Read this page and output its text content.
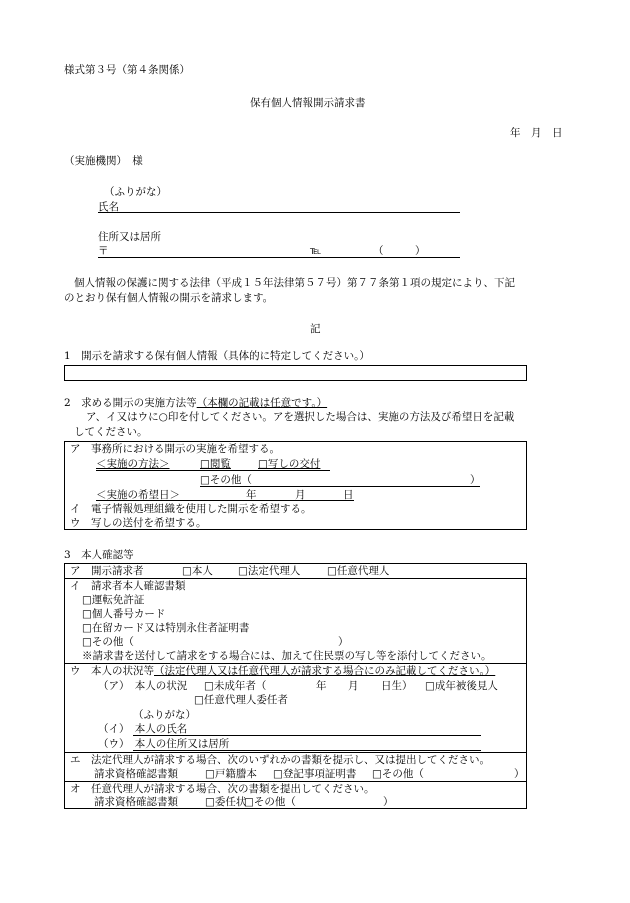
様式第３号（第４条関係）
保有個人情報開示請求書
年　月　日
（実施機関）　様
（ふりがな）
氏名
住所又は居所
〒	℡	（　　　）
個人情報の保護に関する法律（平成１５年法律第５７号）第７７条第１項の規定により、下記
のとおり保有個人情報の開示を請求します。
記
1　開示を請求する保有個人情報（具体的に特定してください。）
2　求める開示の実施方法等（本欄の記載は任意です。）
ア、イ又はウに○印を付してください。アを選択した場合は、実施の方法及び希望日を記載
してください。
ア　事務所における開示の実施を希望する。
＜実施の方法＞	□閲覧	□写しの交付
□その他（	）
＜実施の希望日＞	年	月	日
イ　電子情報処理組織を使用した開示を希望する。
ウ　写しの送付を希望する。
3　本人確認等
ア　開示請求者	□本人 □法定代理人	□任意代理人
イ　請求者本人確認書類
□運転免許証
□個人番号カード
□在留カード又は特別永住者証明書
□その他（	）
※請求書を送付して請求をする場合には、加えて住民票の写し等を添付してください。
ウ　本人の状況等（法定代理人又は任意代理人が請求する場合にのみ記載してください。）
（ア）　本人の状況 □未成年者（	年 月 日生） □成年被後見人
□任意代理人委任者
（ふりがな）
（イ）　本人の氏名
（ウ）　本人の住所又は居所
エ　法定代理人が請求する場合、次のいずれかの書類を提示し、又は提出してください。
請求資格確認書類	□戸籍謄本 □登記事項証明書 □その他（	）
オ　任意代理人が請求する場合、次の書類を提出してください。
請求資格確認書類	□委任状
□その他（	）
